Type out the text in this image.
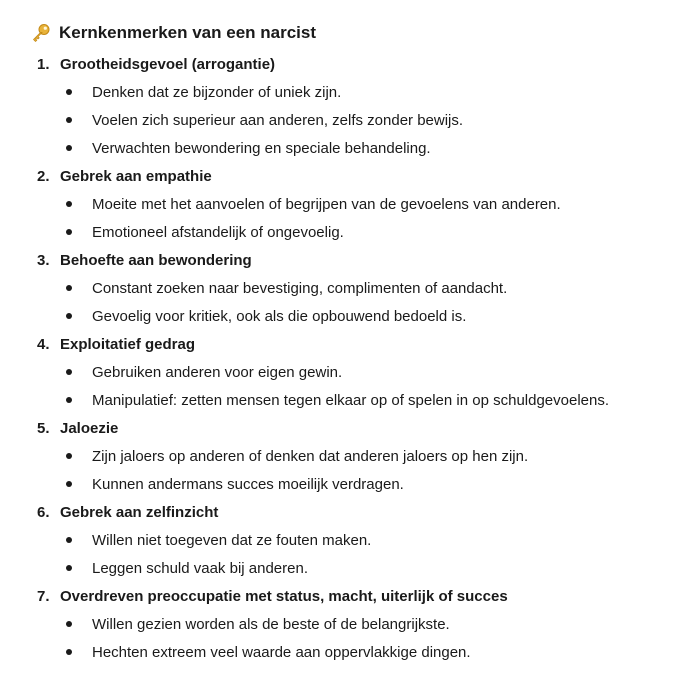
Kernkenmerken van een narcist
1. Grootheidsgevoel (arrogantie)
Denken dat ze bijzonder of uniek zijn.
Voelen zich superieur aan anderen, zelfs zonder bewijs.
Verwachten bewondering en speciale behandeling.
2. Gebrek aan empathie
Moeite met het aanvoelen of begrijpen van de gevoelens van anderen.
Emotioneel afstandelijk of ongevoelig.
3. Behoefte aan bewondering
Constant zoeken naar bevestiging, complimenten of aandacht.
Gevoelig voor kritiek, ook als die opbouwend bedoeld is.
4. Exploitatief gedrag
Gebruiken anderen voor eigen gewin.
Manipulatief: zetten mensen tegen elkaar op of spelen in op schuldgevoelens.
5. Jaloezie
Zijn jaloers op anderen of denken dat anderen jaloers op hen zijn.
Kunnen andermans succes moeilijk verdragen.
6. Gebrek aan zelfinzicht
Willen niet toegeven dat ze fouten maken.
Leggen schuld vaak bij anderen.
7. Overdreven preoccupatie met status, macht, uiterlijk of succes
Willen gezien worden als de beste of de belangrijkste.
Hechten extreem veel waarde aan oppervlakkige dingen.
